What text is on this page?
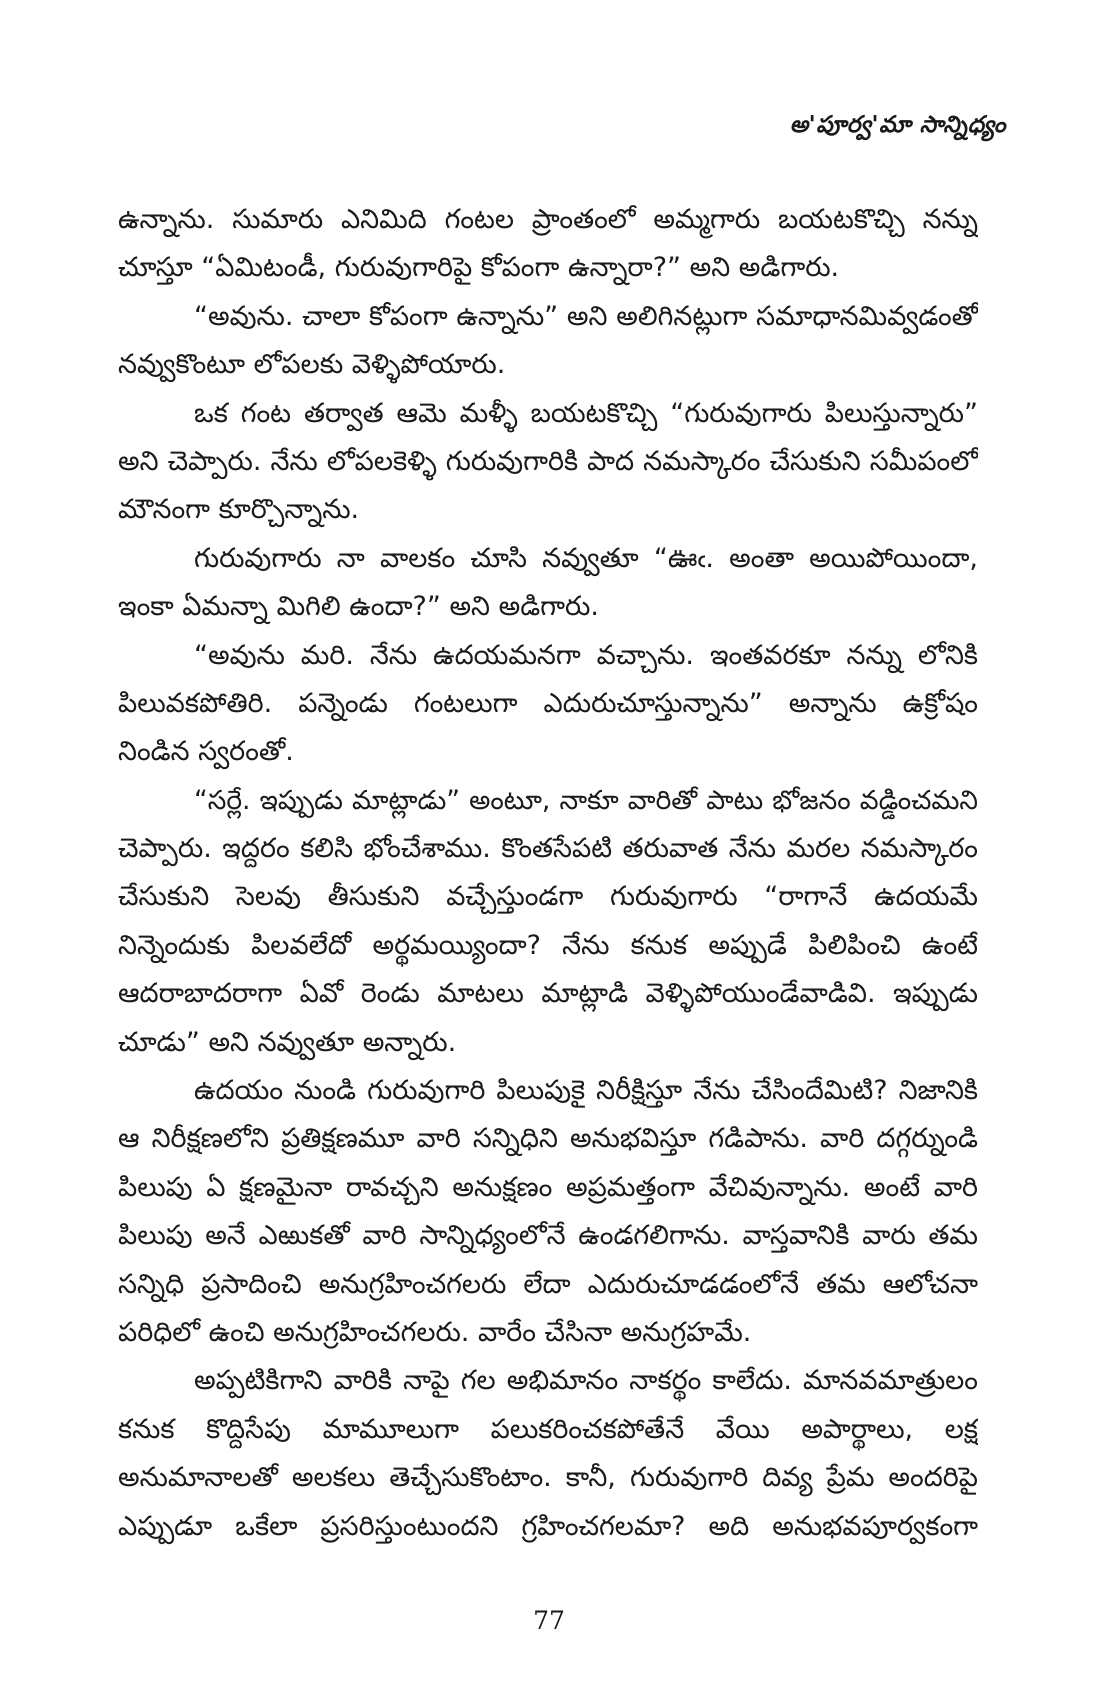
అ'పూర్వ'మా సాన్నిధ్యం
ఉన్నాను. సుమారు ఎనిమిది గంటల ప్రాంతంలో అమ్మగారు బయటకొచ్చి నన్ను
చూస్తూ “ఏమిటండీ, గురువుగారిపై కోపంగా ఉన్నారా?” అని అడిగారు.
“అవును. చాలా కోపంగా ఉన్నాను” అని అలిగినట్లుగా సమాధానమివ్వడంతో
నవ్వుకొంటూ లోపలకు వెళ్ళిపోయారు.
ఒక గంట తర్వాత ఆమె మళ్ళీ బయటకొచ్చి “గురువుగారు పిలుస్తున్నారు”
అని చెప్పారు. నేను లోపలకెళ్ళి గురువుగారికి పాద నమస్కారం చేసుకుని సమీపంలో
మౌనంగా కూర్చొన్నాను.
గురువుగారు నా వాలకం చూసి నవ్వుతూ “ఊఁ. అంతా అయిపోయిందా,
ఇంకా ఏమన్నా మిగిలి ఉందా?” అని అడిగారు.
“అవును మరి. నేను ఉదయమనగా వచ్చాను. ఇంతవరకూ నన్ను లోనికి
పిలువకపోతిరి. పన్నెండు గంటలుగా ఎదురుచూస్తున్నాను” అన్నాను ఉక్రోషం
నిండిన స్వరంతో.
“సర్లే. ఇప్పుడు మాట్లాడు” అంటూ, నాకూ వారితో పాటు భోజనం వడ్డించమని
చెప్పారు. ఇద్దరం కలిసి భోంచేశాము. కొంతసేపటి తరువాత నేను మరల నమస్కారం
చేసుకుని సెలవు తీసుకుని వచ్చేస్తుండగా గురువుగారు “రాగానే ఉదయమే
నిన్నెందుకు పిలవలేదో అర్థమయ్యిందా? నేను కనుక అప్పుడే పిలిపించి ఉంటే
ఆదరాబాదరాగా ఏవో రెండు మాటలు మాట్లాడి వెళ్ళిపోయుండేవాడివి. ఇప్పుడు
చూడు” అని నవ్వుతూ అన్నారు.
ఉదయం నుండి గురువుగారి పిలుపుకై నిరీక్షిస్తూ నేను చేసిందేమిటి? నిజానికి
ఆ నిరీక్షణలోని ప్రతిక్షణమూ వారి సన్నిధిని అనుభవిస్తూ గడిపాను. వారి దగ్గర్నుండి
పిలుపు ఏ క్షణమైనా రావచ్చని అనుక్షణం అప్రమత్తంగా వేచివున్నాను. అంటే వారి
పిలుపు అనే ఎఱుకతో వారి సాన్నిధ్యంలోనే ఉండగలిగాను. వాస్తవానికి వారు తమ
సన్నిధి ప్రసాదించి అనుగ్రహించగలరు లేదా ఎదురుచూడడంలోనే తమ ఆలోచనా
పరిధిలో ఉంచి అనుగ్రహించగలరు. వారేం చేసినా అనుగ్రహమే.
అప్పటికిగాని వారికి నాపై గల అభిమానం నాకర్థం కాలేదు. మానవమాత్రులం
కనుక కొద్దిసేపు మామూలుగా పలుకరించకపోతేనే వేయి అపార్థాలు, లక్ష
అనుమానాలతో అలకలు తెచ్చేసుకొంటాం. కానీ, గురువుగారి దివ్య ప్రేమ అందరిపై
ఎప్పుడూ ఒకేలా ప్రసరిస్తుంటుందని గ్రహించగలమా? అది అనుభవపూర్వకంగా
77
